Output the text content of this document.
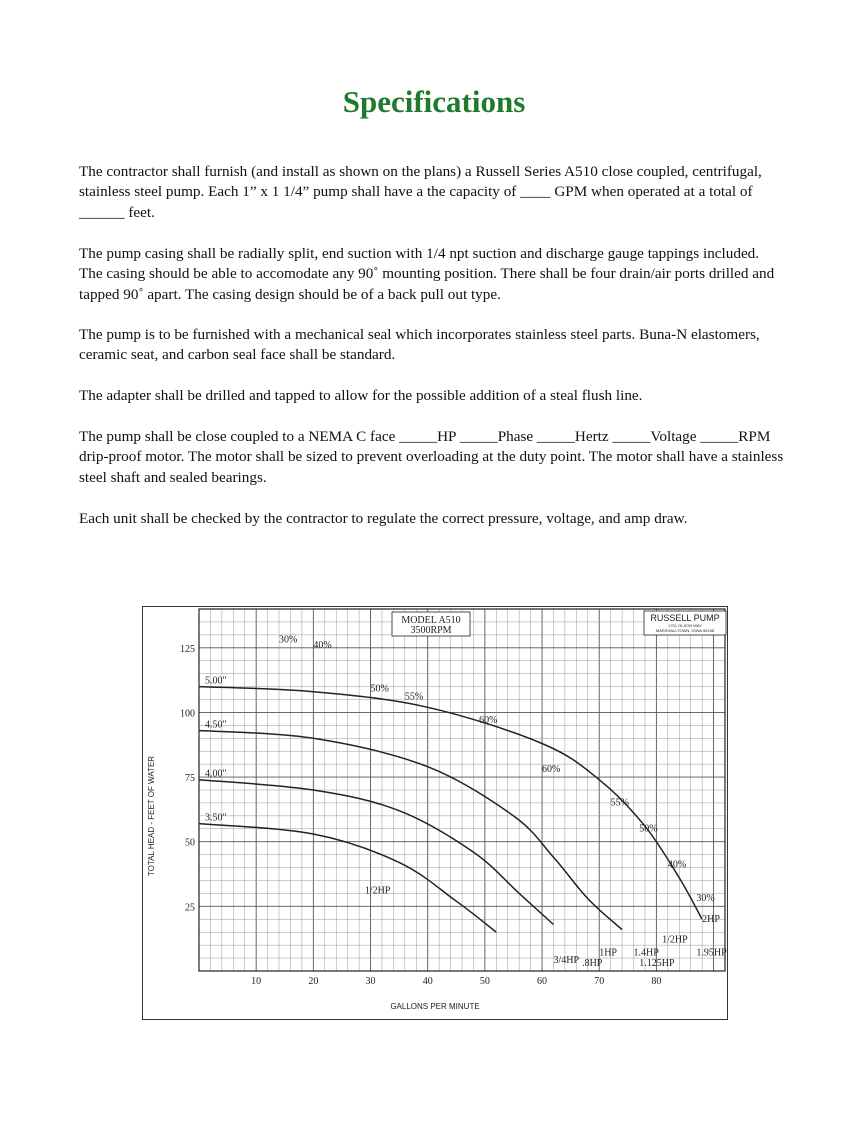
Specifications

The contractor shall furnish (and install as shown on the plans) a Russell Series A510 close coupled, centrifugal, stainless steel pump. Each 1” x 1 1/4” pump shall have a the capacity of ____ GPM when operated at a total of ______ feet.

The pump casing shall be radially split, end suction with 1/4 npt suction and discharge gauge tappings included. The casing should be able to accomodate any 90˚ mounting position. There shall be four drain/air ports drilled and tapped 90˚ apart. The casing design should be of a back pull out type.

The pump is to be furnished with a mechanical seal which incorporates stainless steel parts. Buna-N elastomers, ceramic seat, and carbon seal face shall be standard.

The adapter shall be drilled and tapped to allow for the possible addition of a steal flush line.

The pump shall be close coupled to a NEMA C face _____HP _____Phase _____Hertz _____Voltage _____RPM drip-proof motor. The motor shall be sized to prevent overloading at the duty point. The motor shall have a stainless steel shaft and sealed bearings.

Each unit shall be checked by the contractor to regulate the correct pressure, voltage, and amp draw.

10	20	30	40	50	60	70	80
25
50
75
100
125
5.00"
4.50"
4.00"
3.50"
30% 40%
50%
55%
60%
60%
55%
50%
40%
30%
1/2HP
3/4HP .8HP
1HP
1/2HP
1.4HP
1.125HP
1.95HP
2HP
MODEL A510
3500RPM
RUSSELL PUMP
1701 OLSON WAY
MARSHALLTOWN, IOWA 50158
GALLONS PER MINUTE
TOTAL HEAD - FEET OF WATER
